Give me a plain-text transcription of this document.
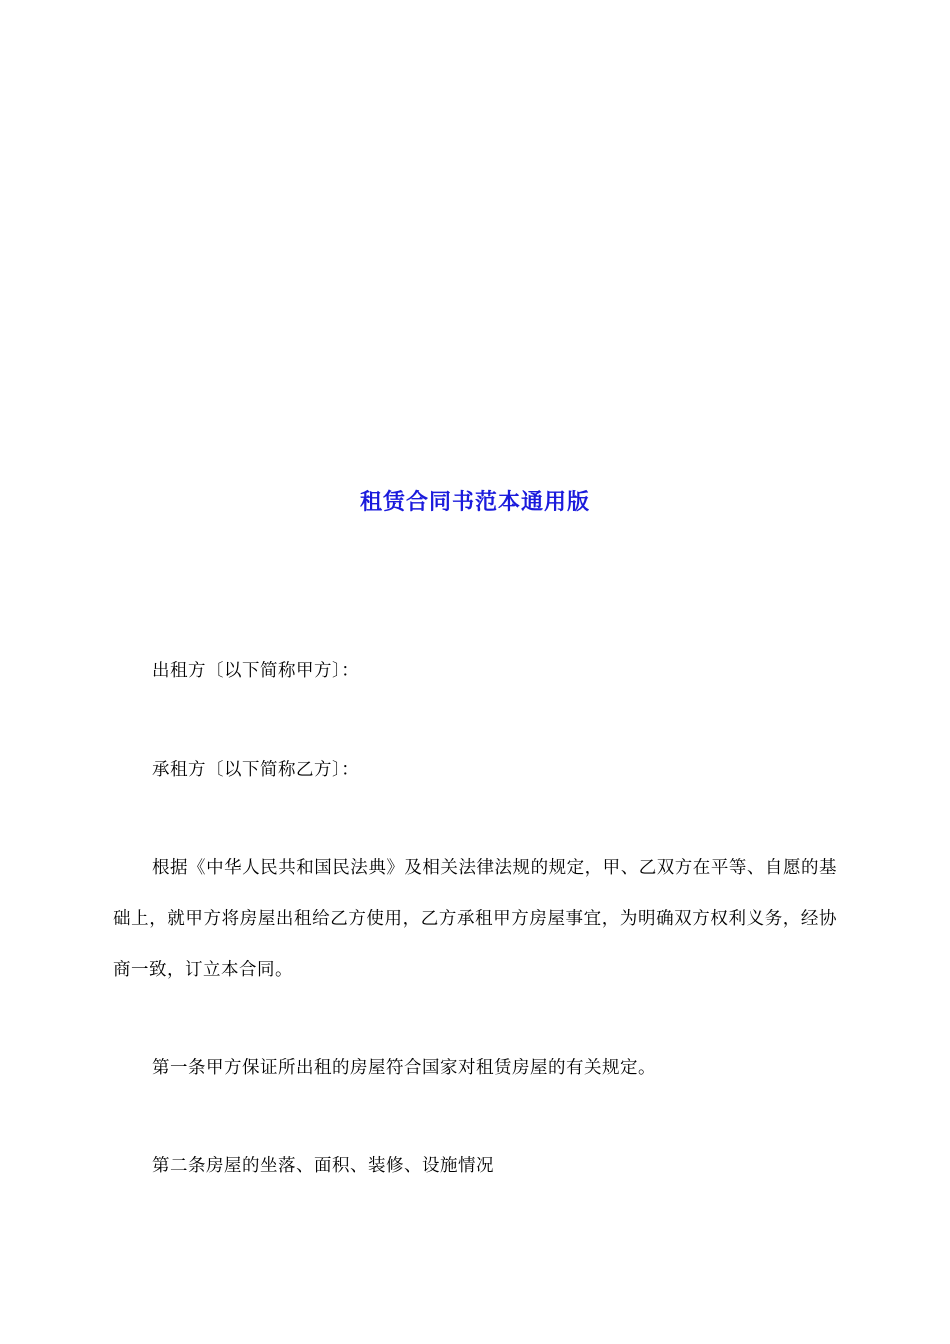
租赁合同书范本通用版

出租方〔以下简称甲方〕：

承租方〔以下简称乙方〕：

根据《中华人民共和国民法典》及相关法律法规的规定，甲、乙双方在平等、自愿的基础上，就甲方将房屋出租给乙方使用，乙方承租甲方房屋事宜，为明确双方权利义务，经协商一致，订立本合同。

第一条甲方保证所出租的房屋符合国家对租赁房屋的有关规定。

第二条房屋的坐落、面积、装修、设施情况
